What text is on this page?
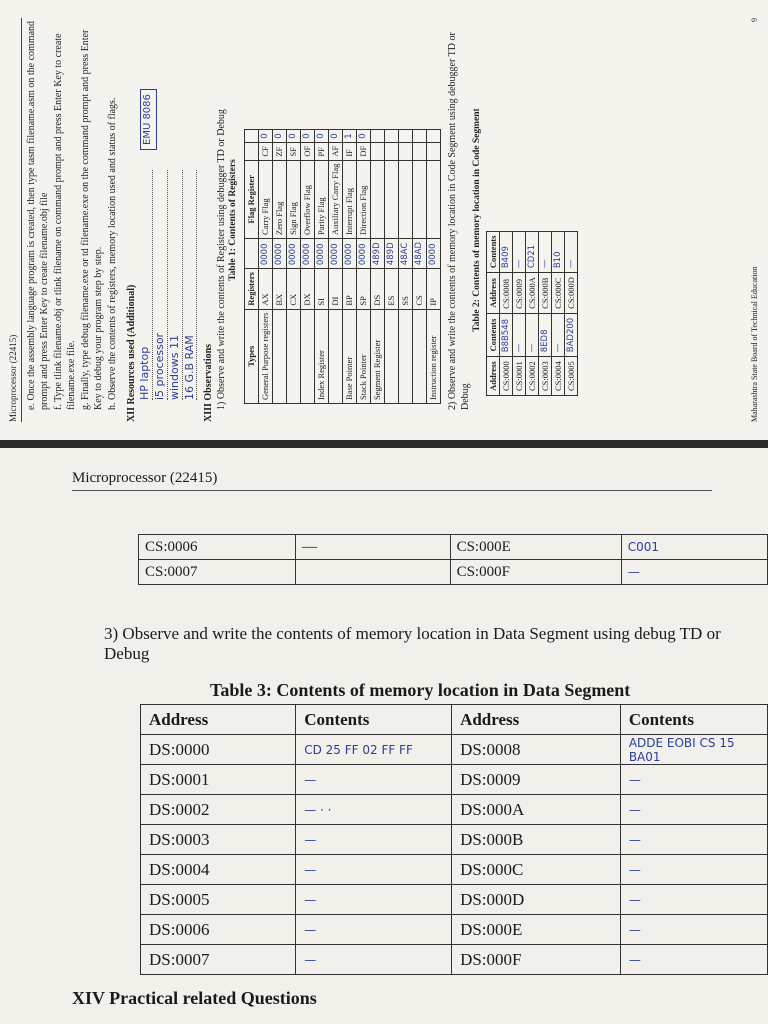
Microprocessor (22415) e. Once the assembly language program is created, then type tasm filename.asm on the command prompt and press Enter Key to create filename.obj file f. Type tlink filename.obj or tlink filename on command prompt and press Enter Key to create filename.exe file. g. Finally, type debug filename.exe or td filename.exe on the command prompt and press Enter Key to debug your program step by step. h. Observe the contents of registers, memory location used and status of flags. XII Resources used (Additional) HP laptop i5 processor windows 11 16 G.B RAM
EMU 8086
XIII Observations 1) Observe and write the contents of Register using debugger TD or Debug Table 1: Contents of Registers
Types	Registers		Flag Register		
General Purpose registers	AX	0000	Carry Flag	CF	0
	BX	0000	Zero Flag	ZF	0
	CX	0000	Sign Flag	SF	0
	DX	0000	Overflow Flag	OF	0
Index Register	SI	0000	Parity Flag	PF	0
	DI	0000	Auxiliary Carry Flag	AF	0
Base Pointer	BP	0000	Interrupt Flag	IF	1
Stack Pointer	SP	0000	Direction Flag	DF	0
Segment Register	DS	489D			
	ES	489D			
	SS	48AC			
	CS	48AD			
Instruction register	IP	0000			2) Observe and write the contents of memory location in Code Segment using debugger TD or Debug
Table 2: Contents of memory location in Code Segment
Address	Contents	Address	Contents
CS:0000	B8B548	CS:0008	B409
CS:0001	—	CS:0009	—
CS:0002	—	CS:000A	CD21
CS:0003	8ED8	CS:000B	—
CS:0004	—	CS:000C	B10
CS:0005	BAD200	CS:000D	—
Maharashtra State Board of Technical Education
9
Microprocessor (22415)
CS:0006	—	CS:000E	C001
CS:0007		CS:000F	—
3) Observe and write the contents of memory location in Data Segment using debug TD or Debug
Table 3: Contents of memory location in Data Segment
Address	Contents	Address	Contents
DS:0000	CD 25 FF 02 FF FF	DS:0008	ADDE EOBI CS 15 BA01
DS:0001	—	DS:0009	—
DS:0002	— · ·	DS:000A	—
DS:0003	—	DS:000B	—
DS:0004	—	DS:000C	—
DS:0005	—	DS:000D	—
DS:0006	—	DS:000E	—
DS:0007	—	DS:000F	—
XIV Practical related Questions
